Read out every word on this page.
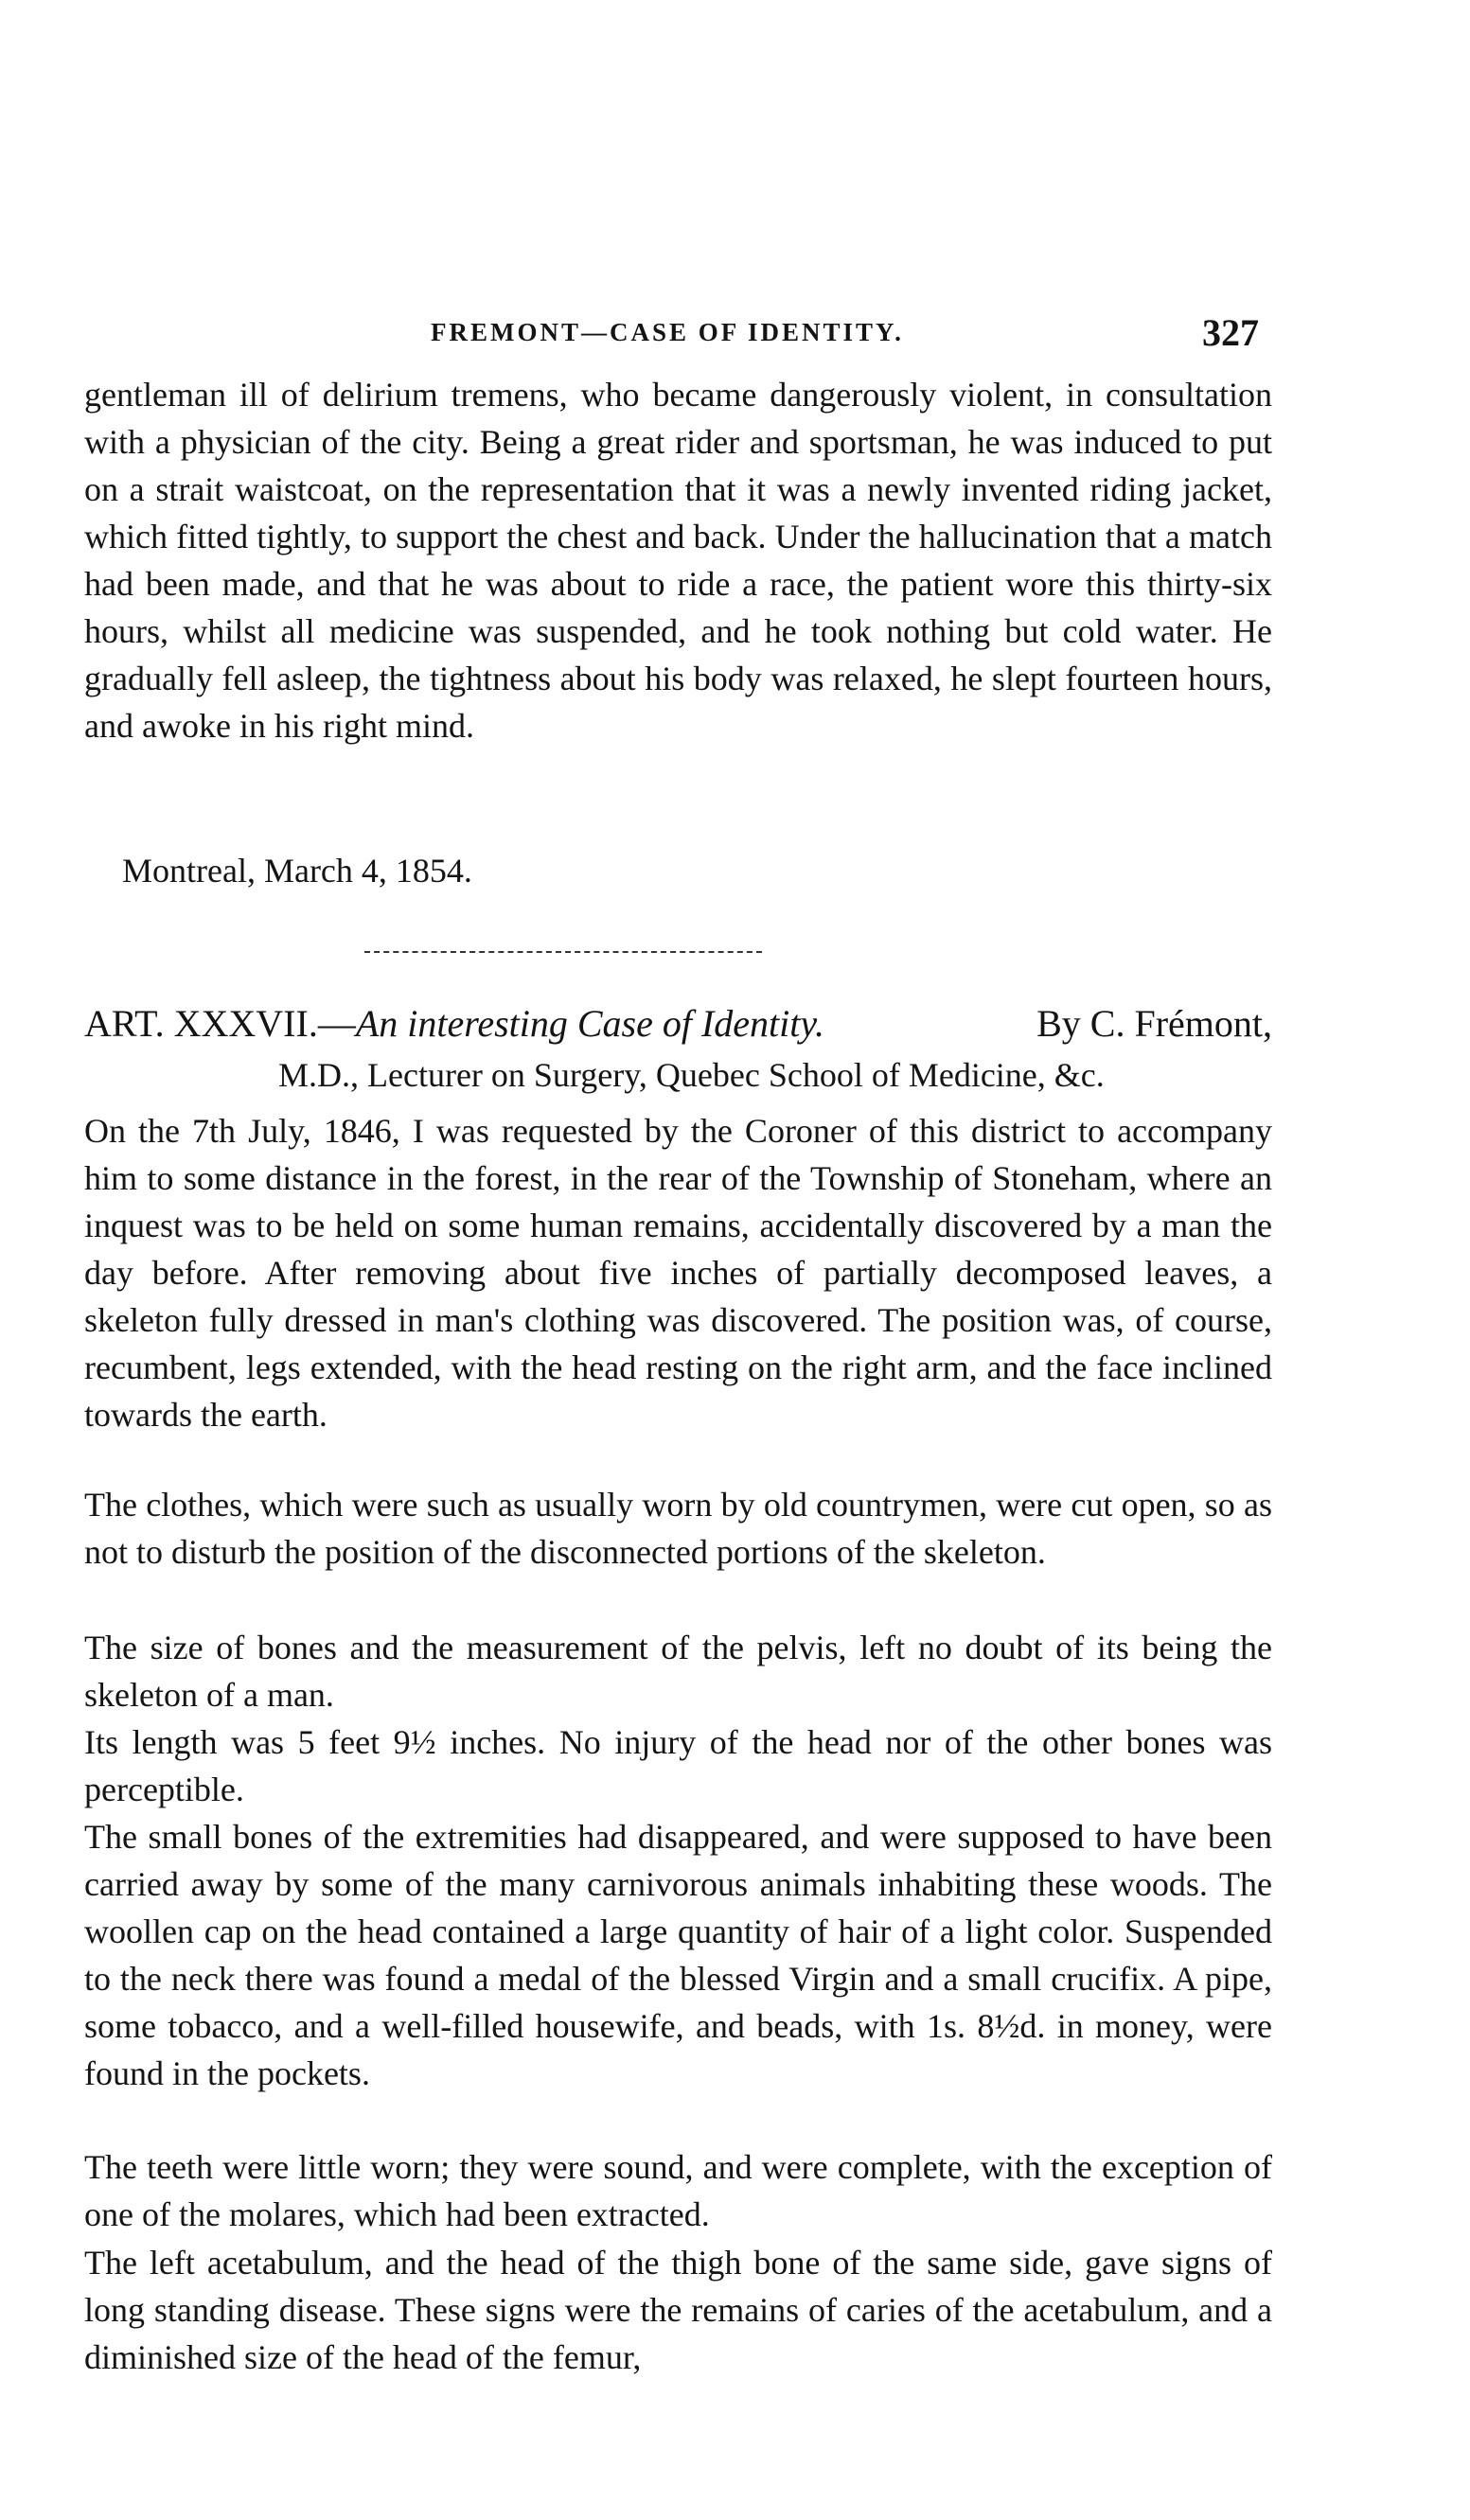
FREMONT—CASE OF IDENTITY.	327

gentleman ill of delirium tremens, who became dangerously violent, in consultation with a physician of the city. Being a great rider and sportsman, he was induced to put on a strait waistcoat, on the representation that it was a newly invented riding jacket, which fitted tightly, to support the chest and back. Under the hallucination that a match had been made, and that he was about to ride a race, the patient wore this thirty-six hours, whilst all medicine was suspended, and he took nothing but cold water. He gradually fell asleep, the tightness about his body was relaxed, he slept fourteen hours, and awoke in his right mind.

Montreal, March 4, 1854.
ART. XXXVII.—An interesting Case of Identity.	By C. Frémont,
M.D., Lecturer on Surgery, Quebec School of Medicine, &c.

On the 7th July, 1846, I was requested by the Coroner of this district to accompany him to some distance in the forest, in the rear of the Township of Stoneham, where an inquest was to be held on some human remains, accidentally discovered by a man the day before. After removing about five inches of partially decomposed leaves, a skeleton fully dressed in man's clothing was discovered. The position was, of course, recumbent, legs extended, with the head resting on the right arm, and the face inclined towards the earth.

The clothes, which were such as usually worn by old countrymen, were cut open, so as not to disturb the position of the disconnected portions of the skeleton.

The size of bones and the measurement of the pelvis, left no doubt of its being the skeleton of a man.

Its length was 5 feet 9½ inches. No injury of the head nor of the other bones was perceptible.

The small bones of the extremities had disappeared, and were supposed to have been carried away by some of the many carnivorous animals inhabiting these woods. The woollen cap on the head contained a large quantity of hair of a light color. Suspended to the neck there was found a medal of the blessed Virgin and a small crucifix. A pipe, some tobacco, and a well-filled housewife, and beads, with 1s. 8½d. in money, were found in the pockets.

The teeth were little worn; they were sound, and were complete, with the exception of one of the molares, which had been extracted.

The left acetabulum, and the head of the thigh bone of the same side, gave signs of long standing disease. These signs were the remains of caries of the acetabulum, and a diminished size of the head of the femur,
